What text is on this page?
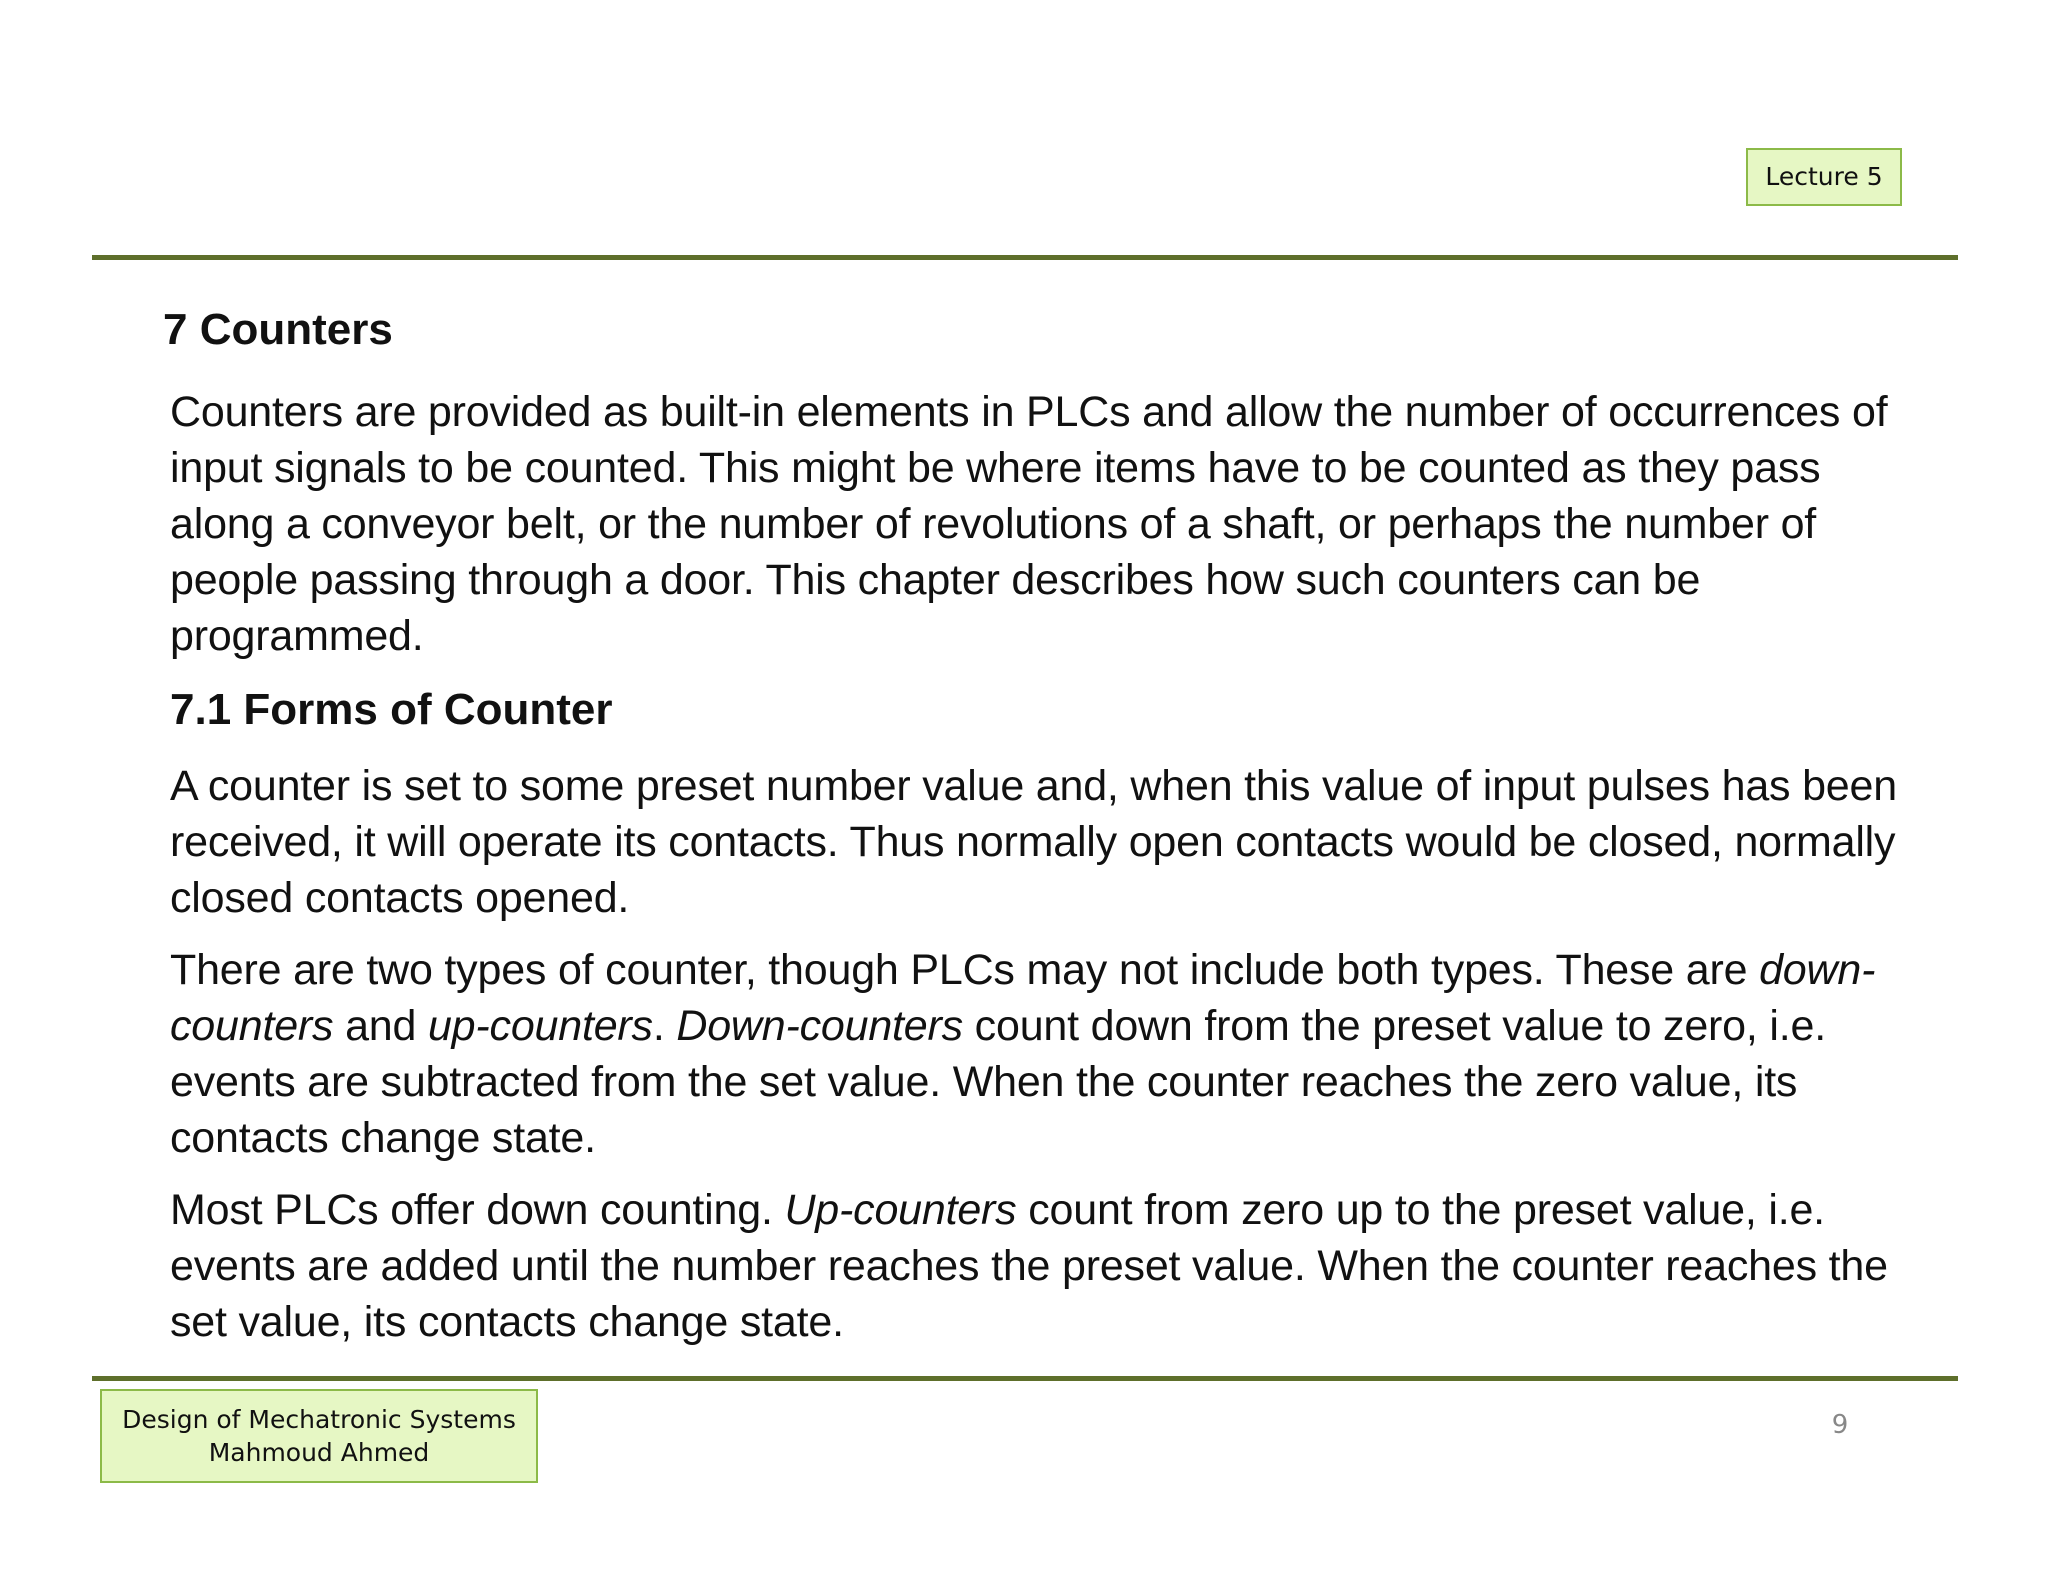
Lecture 5
7 Counters

Counters are provided as built-in elements in PLCs and allow the number of occurrences of input signals to be counted. This might be where items have to be counted as they pass along a conveyor belt, or the number of revolutions of a shaft, or perhaps the number of people passing through a door. This chapter describes how such counters can be programmed.

7.1 Forms of Counter

A counter is set to some preset number value and, when this value of input pulses has been received, it will operate its contacts. Thus normally open contacts would be closed, normally closed contacts opened.

There are two types of counter, though PLCs may not include both types. These are down-counters and up-counters. Down-counters count down from the preset value to zero, i.e. events are subtracted from the set value. When the counter reaches the zero value, its contacts change state.

Most PLCs offer down counting. Up-counters count from zero up to the preset value, i.e. events are added until the number reaches the preset value. When the counter reaches the set value, its contacts change state.

Design of Mechatronic Systems
Mahmoud Ahmed
9
